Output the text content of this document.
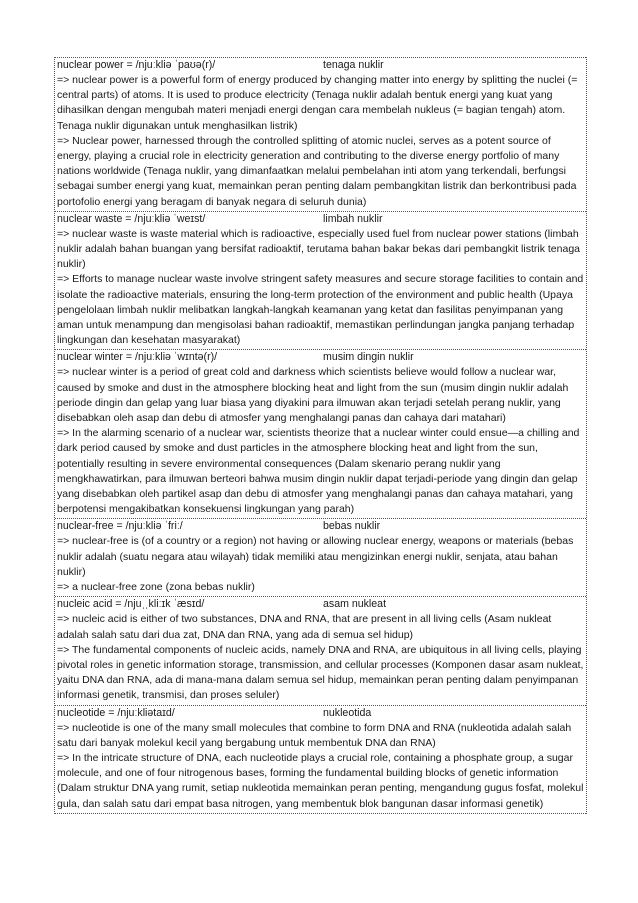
nuclear power = /njuːkliə ˈpaʊə(r)/	tenaga nuklir

=> nuclear power is a powerful form of energy produced by changing matter into energy by splitting the nuclei (= central parts) of atoms. It is used to produce electricity (Tenaga nuklir adalah bentuk energi yang kuat yang dihasilkan dengan mengubah materi menjadi energi dengan cara membelah nukleus (= bagian tengah) atom. Tenaga nuklir digunakan untuk menghasilkan listrik)

=> Nuclear power, harnessed through the controlled splitting of atomic nuclei, serves as a potent source of energy, playing a crucial role in electricity generation and contributing to the diverse energy portfolio of many nations worldwide (Tenaga nuklir, yang dimanfaatkan melalui pembelahan inti atom yang terkendali, berfungsi sebagai sumber energi yang kuat, memainkan peran penting dalam pembangkitan listrik dan berkontribusi pada portofolio energi yang beragam di banyak negara di seluruh dunia)

nuclear waste = /njuːkliə ˈweɪst/	limbah nuklir

=> nuclear waste is waste material which is radioactive, especially used fuel from nuclear power stations (limbah nuklir adalah bahan buangan yang bersifat radioaktif, terutama bahan bakar bekas dari pembangkit listrik tenaga nuklir)

=> Efforts to manage nuclear waste involve stringent safety measures and secure storage facilities to contain and isolate the radioactive materials, ensuring the long-term protection of the environment and public health (Upaya pengelolaan limbah nuklir melibatkan langkah-langkah keamanan yang ketat dan fasilitas penyimpanan yang aman untuk menampung dan mengisolasi bahan radioaktif, memastikan perlindungan jangka panjang terhadap lingkungan dan kesehatan masyarakat)

nuclear winter = /njuːkliə ˈwɪntə(r)/	musim dingin nuklir

=> nuclear winter is a period of great cold and darkness which scientists believe would follow a nuclear war, caused by smoke and dust in the atmosphere blocking heat and light from the sun (musim dingin nuklir adalah periode dingin dan gelap yang luar biasa yang diyakini para ilmuwan akan terjadi setelah perang nuklir, yang disebabkan oleh asap dan debu di atmosfer yang menghalangi panas dan cahaya dari matahari)

=> In the alarming scenario of a nuclear war, scientists theorize that a nuclear winter could ensue—a chilling and dark period caused by smoke and dust particles in the atmosphere blocking heat and light from the sun, potentially resulting in severe environmental consequences (Dalam skenario perang nuklir yang mengkhawatirkan, para ilmuwan berteori bahwa musim dingin nuklir dapat terjadi-periode yang dingin dan gelap yang disebabkan oleh partikel asap dan debu di atmosfer yang menghalangi panas dan cahaya matahari, yang berpotensi mengakibatkan konsekuensi lingkungan yang parah)

nuclear-free = /njuːkliə ˈfriː/	bebas nuklir

=> nuclear-free is (of a country or a region) not having or allowing nuclear energy, weapons or materials (bebas nuklir adalah (suatu negara atau wilayah) tidak memiliki atau mengizinkan energi nuklir, senjata, atau bahan nuklir)

=> a nuclear-free zone (zona bebas nuklir)

nucleic acid = /njuˌˌkliːɪk ˈæsɪd/	asam nukleat

=> nucleic acid is either of two substances, DNA and RNA, that are present in all living cells (Asam nukleat adalah salah satu dari dua zat, DNA dan RNA, yang ada di semua sel hidup)

=> The fundamental components of nucleic acids, namely DNA and RNA, are ubiquitous in all living cells, playing pivotal roles in genetic information storage, transmission, and cellular processes (Komponen dasar asam nukleat, yaitu DNA dan RNA, ada di mana-mana dalam semua sel hidup, memainkan peran penting dalam penyimpanan informasi genetik, transmisi, dan proses seluler)

nucleotide = /njuːkliətaɪd/	nukleotida

=> nucleotide is one of the many small molecules that combine to form DNA and RNA (nukleotida adalah salah satu dari banyak molekul kecil yang bergabung untuk membentuk DNA dan RNA)

=> In the intricate structure of DNA, each nucleotide plays a crucial role, containing a phosphate group, a sugar molecule, and one of four nitrogenous bases, forming the fundamental building blocks of genetic information (Dalam struktur DNA yang rumit, setiap nukleotida memainkan peran penting, mengandung gugus fosfat, molekul gula, dan salah satu dari empat basa nitrogen, yang membentuk blok bangunan dasar informasi genetik)
